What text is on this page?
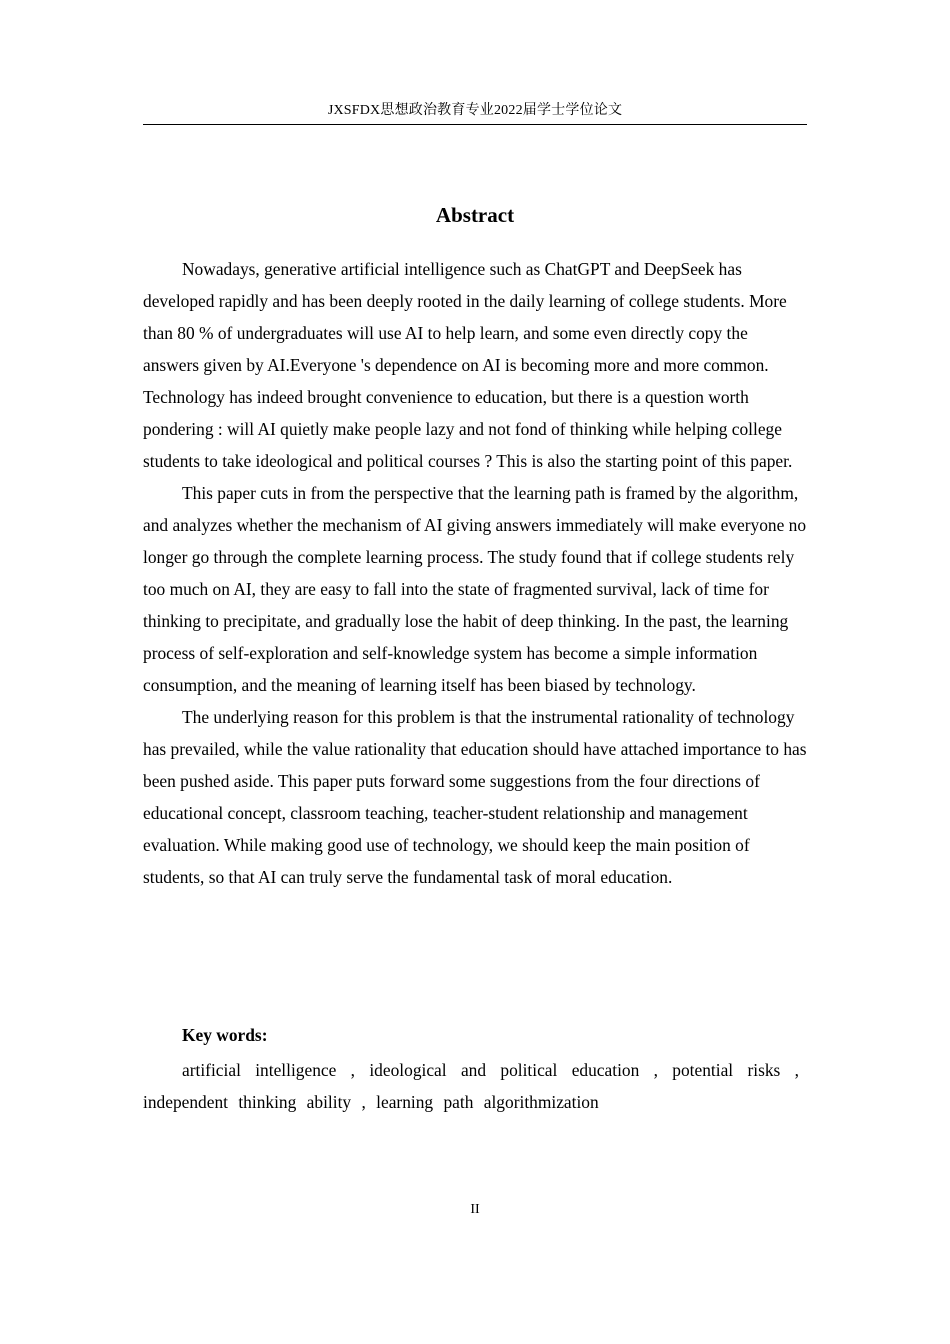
JXSFDX思想政治教育专业2022届学士学位论文
Abstract

Nowadays, generative artificial intelligence such as ChatGPT and DeepSeek has developed rapidly and has been deeply rooted in the daily learning of college students. More than 80 % of undergraduates will use AI to help learn, and some even directly copy the answers given by AI.Everyone 's dependence on AI is becoming more and more common. Technology has indeed brought convenience to education, but there is a question worth pondering : will AI quietly make people lazy and not fond of thinking while helping college students to take ideological and political courses ? This is also the starting point of this paper.

This paper cuts in from the perspective that the learning path is framed by the algorithm, and analyzes whether the mechanism of AI giving answers immediately will make everyone no longer go through the complete learning process. The study found that if college students rely too much on AI, they are easy to fall into the state of fragmented survival, lack of time for thinking to precipitate, and gradually lose the habit of deep thinking. In the past, the learning process of self-exploration and self-knowledge system has become a simple information consumption, and the meaning of learning itself has been biased by technology.

The underlying reason for this problem is that the instrumental rationality of technology has prevailed, while the value rationality that education should have attached importance to has been pushed aside. This paper puts forward some suggestions from the four directions of educational concept, classroom teaching, teacher-student relationship and management evaluation. While making good use of technology, we should keep the main position of students, so that AI can truly serve the fundamental task of moral education.

Key words:
artificial intelligence , ideological and political education , potential risks , independent thinking ability , learning path algorithmization
II
